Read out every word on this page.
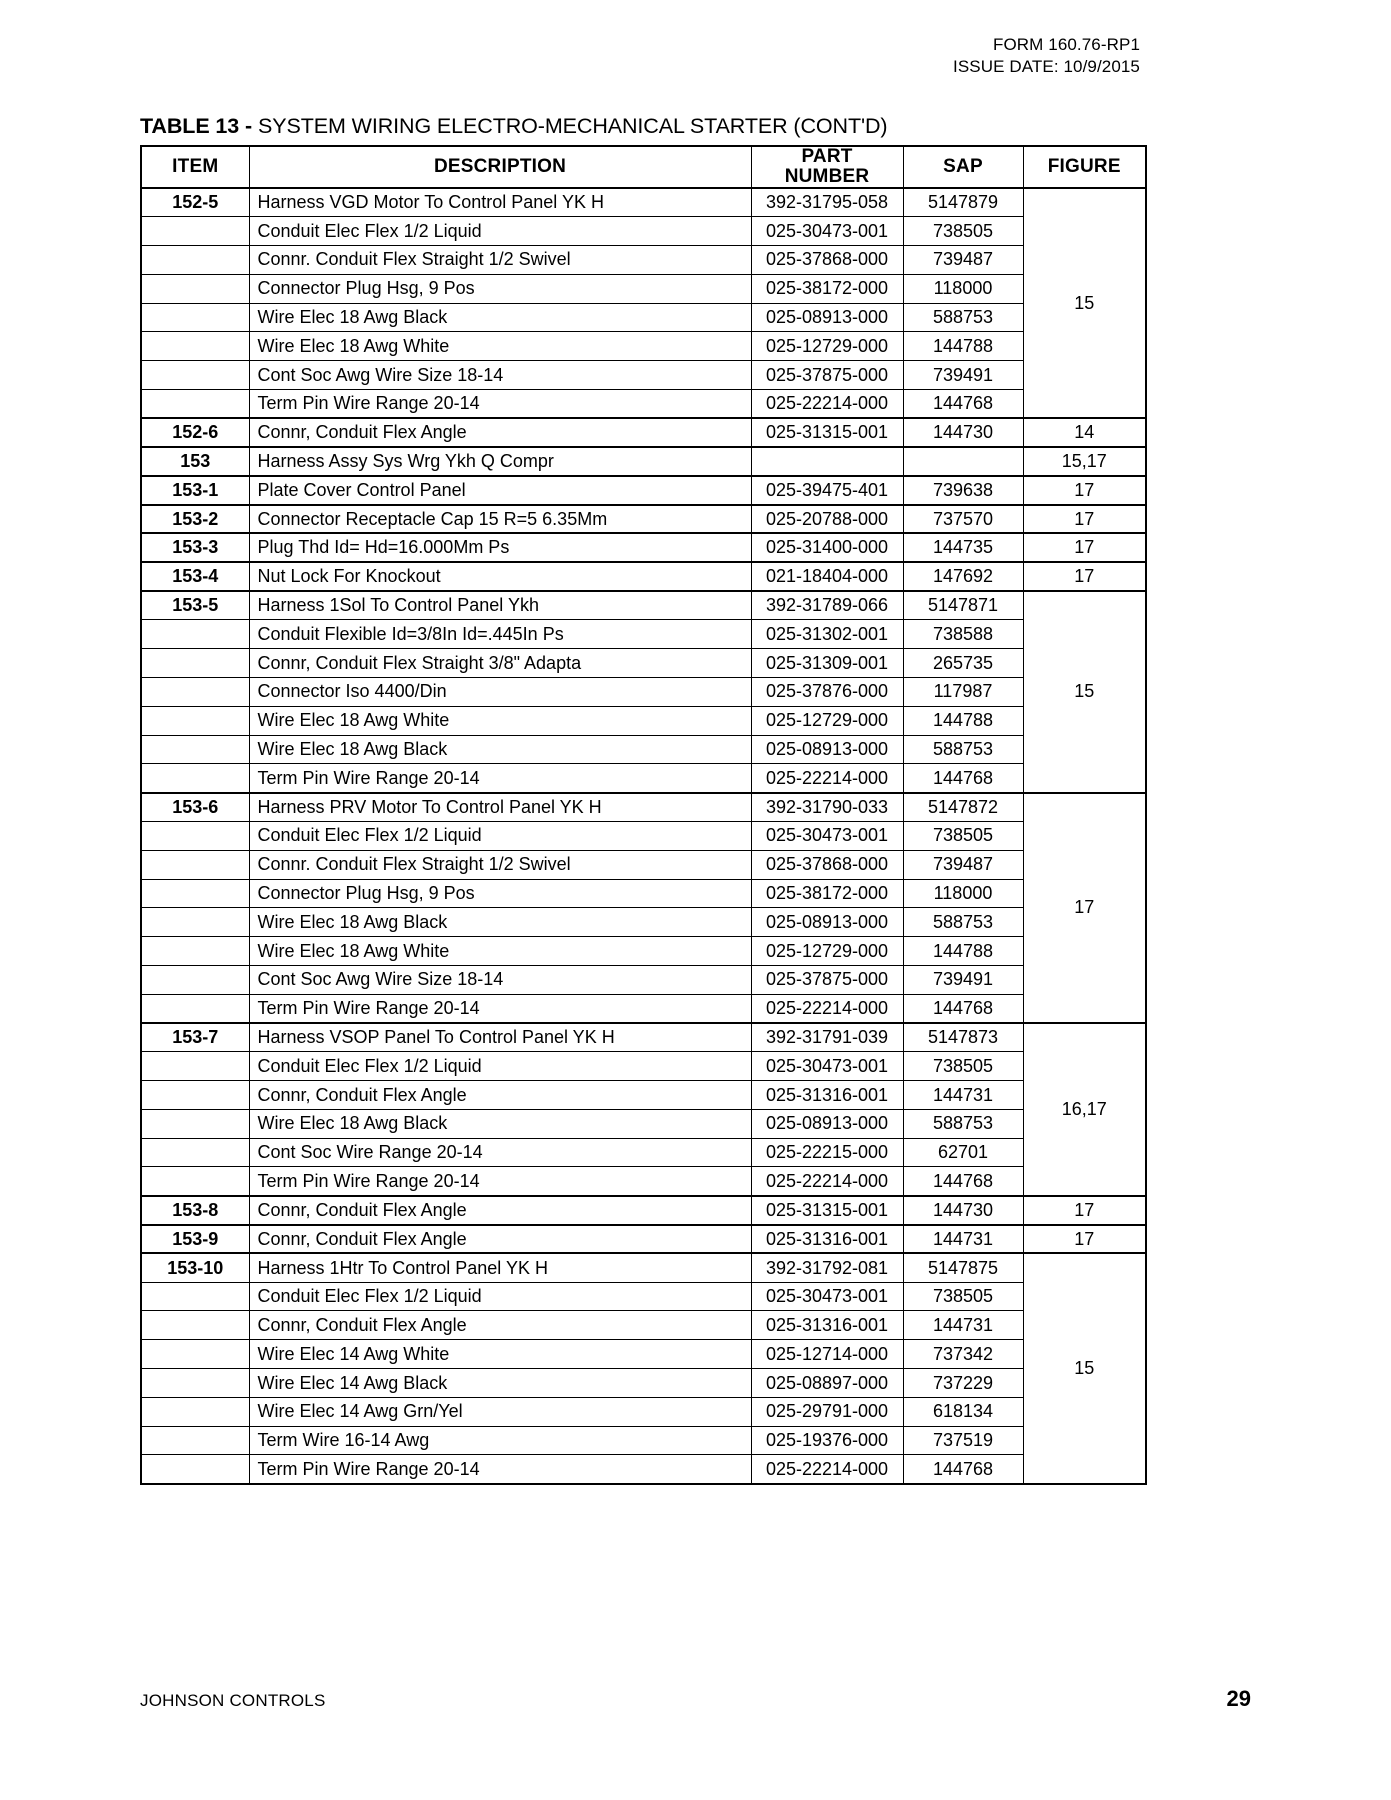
FORM 160.76-RP1
ISSUE DATE: 10/9/2015
TABLE 13 - SYSTEM WIRING ELECTRO-MECHANICAL STARTER (CONT'D)
ITEM	DESCRIPTION	PART NUMBER	SAP	FIGURE
152-5	Harness VGD Motor To Control Panel YK H	392-31795-058	5147879	15
	Conduit Elec Flex 1/2 Liquid	025-30473-001	738505	
	Connr. Conduit Flex Straight 1/2 Swivel	025-37868-000	739487	
	Connector Plug Hsg, 9 Pos	025-38172-000	118000	
	Wire Elec 18 Awg Black	025-08913-000	588753	
	Wire Elec 18 Awg White	025-12729-000	144788	
	Cont Soc Awg Wire Size 18-14	025-37875-000	739491	
	Term Pin Wire Range 20-14	025-22214-000	144768	
152-6	Connr, Conduit Flex Angle	025-31315-001	144730	14
153	Harness Assy Sys Wrg Ykh Q Compr			15,17
153-1	Plate Cover Control Panel	025-39475-401	739638	17
153-2	Connector Receptacle Cap 15 R=5 6.35Mm	025-20788-000	737570	17
153-3	Plug Thd Id= Hd=16.000Mm Ps	025-31400-000	144735	17
153-4	Nut Lock For Knockout	021-18404-000	147692	17
153-5	Harness 1Sol To Control Panel Ykh	392-31789-066	5147871	15
	Conduit Flexible Id=3/8In Id=.445In Ps	025-31302-001	738588	
	Connr, Conduit Flex Straight 3/8" Adapta	025-31309-001	265735	
	Connector Iso 4400/Din	025-37876-000	117987	
	Wire Elec 18 Awg White	025-12729-000	144788	
	Wire Elec 18 Awg Black	025-08913-000	588753	
	Term Pin Wire Range 20-14	025-22214-000	144768	
153-6	Harness PRV Motor To Control Panel YK H	392-31790-033	5147872	17
	Conduit Elec Flex 1/2 Liquid	025-30473-001	738505	
	Connr. Conduit Flex Straight 1/2 Swivel	025-37868-000	739487	
	Connector Plug Hsg, 9 Pos	025-38172-000	118000	
	Wire Elec 18 Awg Black	025-08913-000	588753	
	Wire Elec 18 Awg White	025-12729-000	144788	
	Cont Soc Awg Wire Size 18-14	025-37875-000	739491	
	Term Pin Wire Range 20-14	025-22214-000	144768	
153-7	Harness VSOP Panel To Control Panel YK H	392-31791-039	5147873	16,17
	Conduit Elec Flex 1/2 Liquid	025-30473-001	738505	
	Connr, Conduit Flex Angle	025-31316-001	144731	
	Wire Elec 18 Awg Black	025-08913-000	588753	
	Cont Soc Wire Range 20-14	025-22215-000	62701	
	Term Pin Wire Range 20-14	025-22214-000	144768	
153-8	Connr, Conduit Flex Angle	025-31315-001	144730	17
153-9	Connr, Conduit Flex Angle	025-31316-001	144731	17
153-10	Harness 1Htr To Control Panel YK H	392-31792-081	5147875	15
	Conduit Elec Flex 1/2 Liquid	025-30473-001	738505	
	Connr, Conduit Flex Angle	025-31316-001	144731	
	Wire Elec 14 Awg White	025-12714-000	737342	
	Wire Elec 14 Awg Black	025-08897-000	737229	
	Wire Elec 14 Awg Grn/Yel	025-29791-000	618134	
	Term Wire 16-14 Awg	025-19376-000	737519	
	Term Pin Wire Range 20-14	025-22214-000	144768	
JOHNSON CONTROLS	29
